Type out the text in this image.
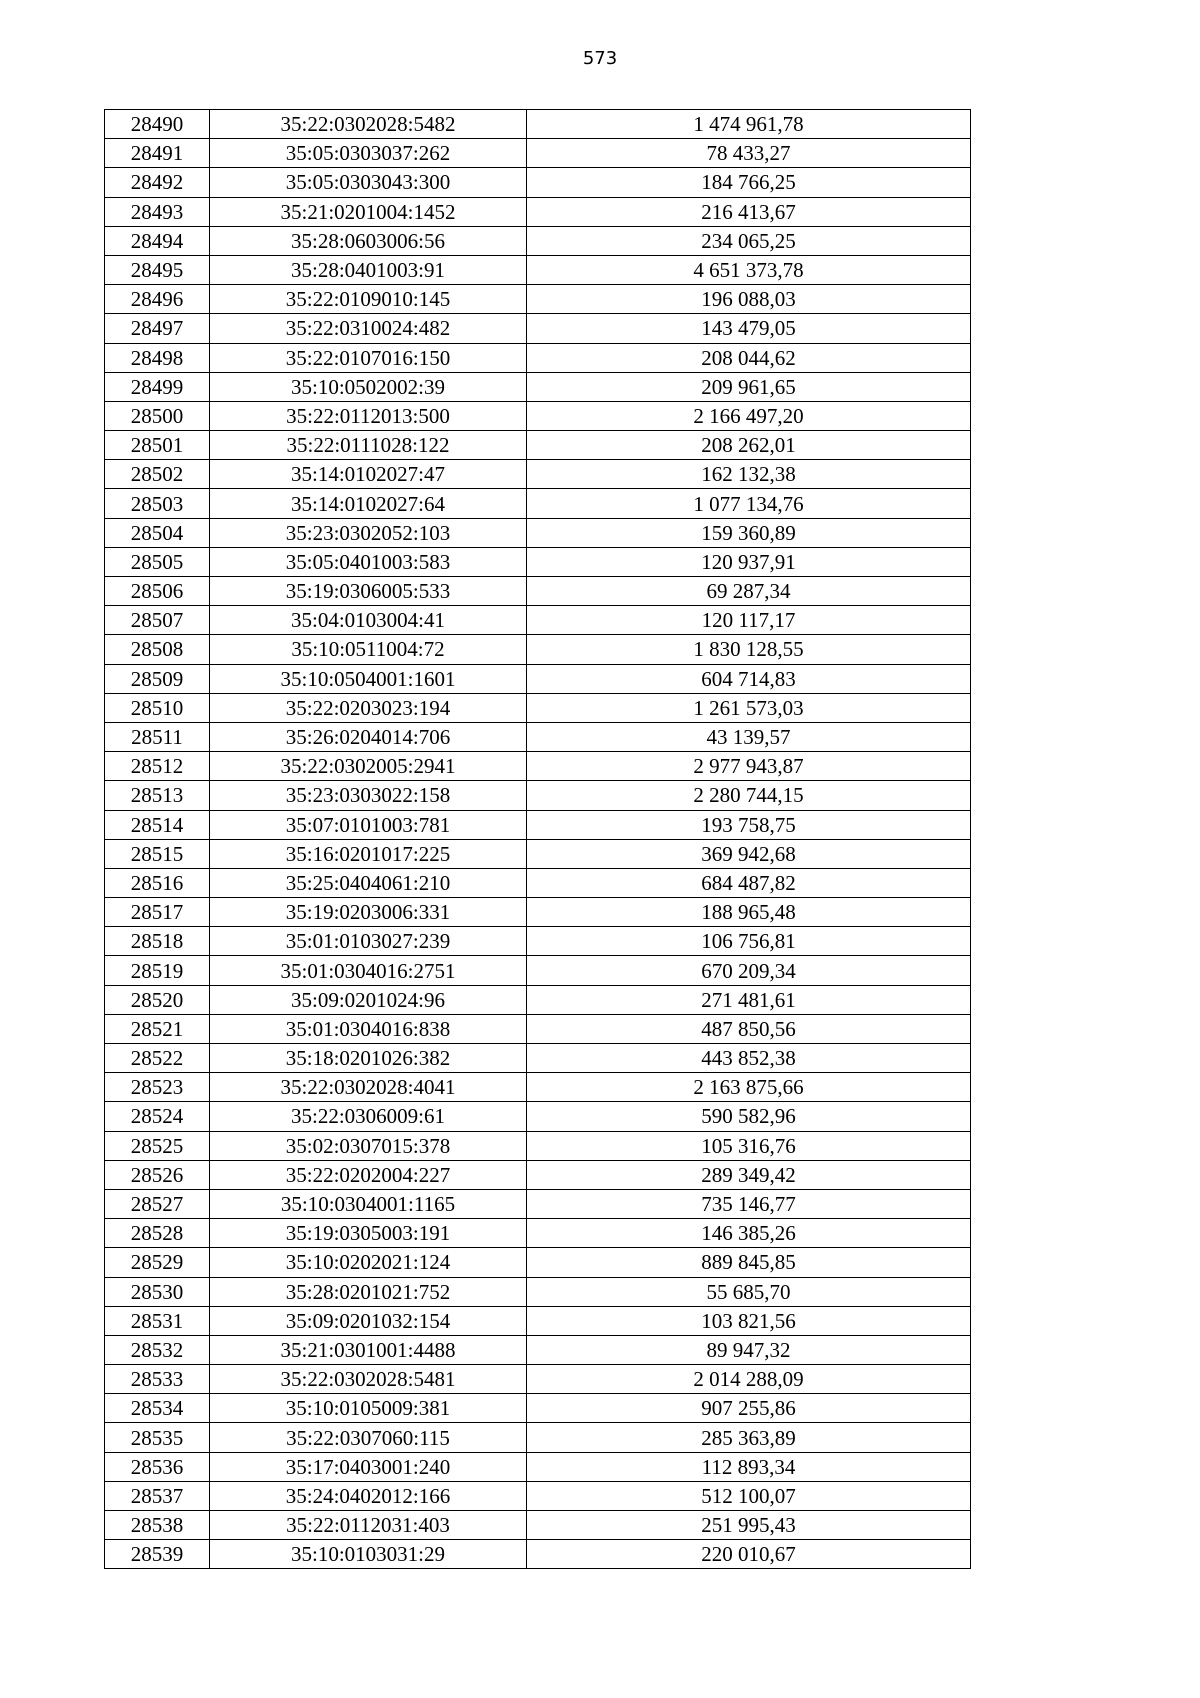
573
28490	35:22:0302028:5482	1 474 961,78
28491	35:05:0303037:262	78 433,27
28492	35:05:0303043:300	184 766,25
28493	35:21:0201004:1452	216 413,67
28494	35:28:0603006:56	234 065,25
28495	35:28:0401003:91	4 651 373,78
28496	35:22:0109010:145	196 088,03
28497	35:22:0310024:482	143 479,05
28498	35:22:0107016:150	208 044,62
28499	35:10:0502002:39	209 961,65
28500	35:22:0112013:500	2 166 497,20
28501	35:22:0111028:122	208 262,01
28502	35:14:0102027:47	162 132,38
28503	35:14:0102027:64	1 077 134,76
28504	35:23:0302052:103	159 360,89
28505	35:05:0401003:583	120 937,91
28506	35:19:0306005:533	69 287,34
28507	35:04:0103004:41	120 117,17
28508	35:10:0511004:72	1 830 128,55
28509	35:10:0504001:1601	604 714,83
28510	35:22:0203023:194	1 261 573,03
28511	35:26:0204014:706	43 139,57
28512	35:22:0302005:2941	2 977 943,87
28513	35:23:0303022:158	2 280 744,15
28514	35:07:0101003:781	193 758,75
28515	35:16:0201017:225	369 942,68
28516	35:25:0404061:210	684 487,82
28517	35:19:0203006:331	188 965,48
28518	35:01:0103027:239	106 756,81
28519	35:01:0304016:2751	670 209,34
28520	35:09:0201024:96	271 481,61
28521	35:01:0304016:838	487 850,56
28522	35:18:0201026:382	443 852,38
28523	35:22:0302028:4041	2 163 875,66
28524	35:22:0306009:61	590 582,96
28525	35:02:0307015:378	105 316,76
28526	35:22:0202004:227	289 349,42
28527	35:10:0304001:1165	735 146,77
28528	35:19:0305003:191	146 385,26
28529	35:10:0202021:124	889 845,85
28530	35:28:0201021:752	55 685,70
28531	35:09:0201032:154	103 821,56
28532	35:21:0301001:4488	89 947,32
28533	35:22:0302028:5481	2 014 288,09
28534	35:10:0105009:381	907 255,86
28535	35:22:0307060:115	285 363,89
28536	35:17:0403001:240	112 893,34
28537	35:24:0402012:166	512 100,07
28538	35:22:0112031:403	251 995,43
28539	35:10:0103031:29	220 010,67
